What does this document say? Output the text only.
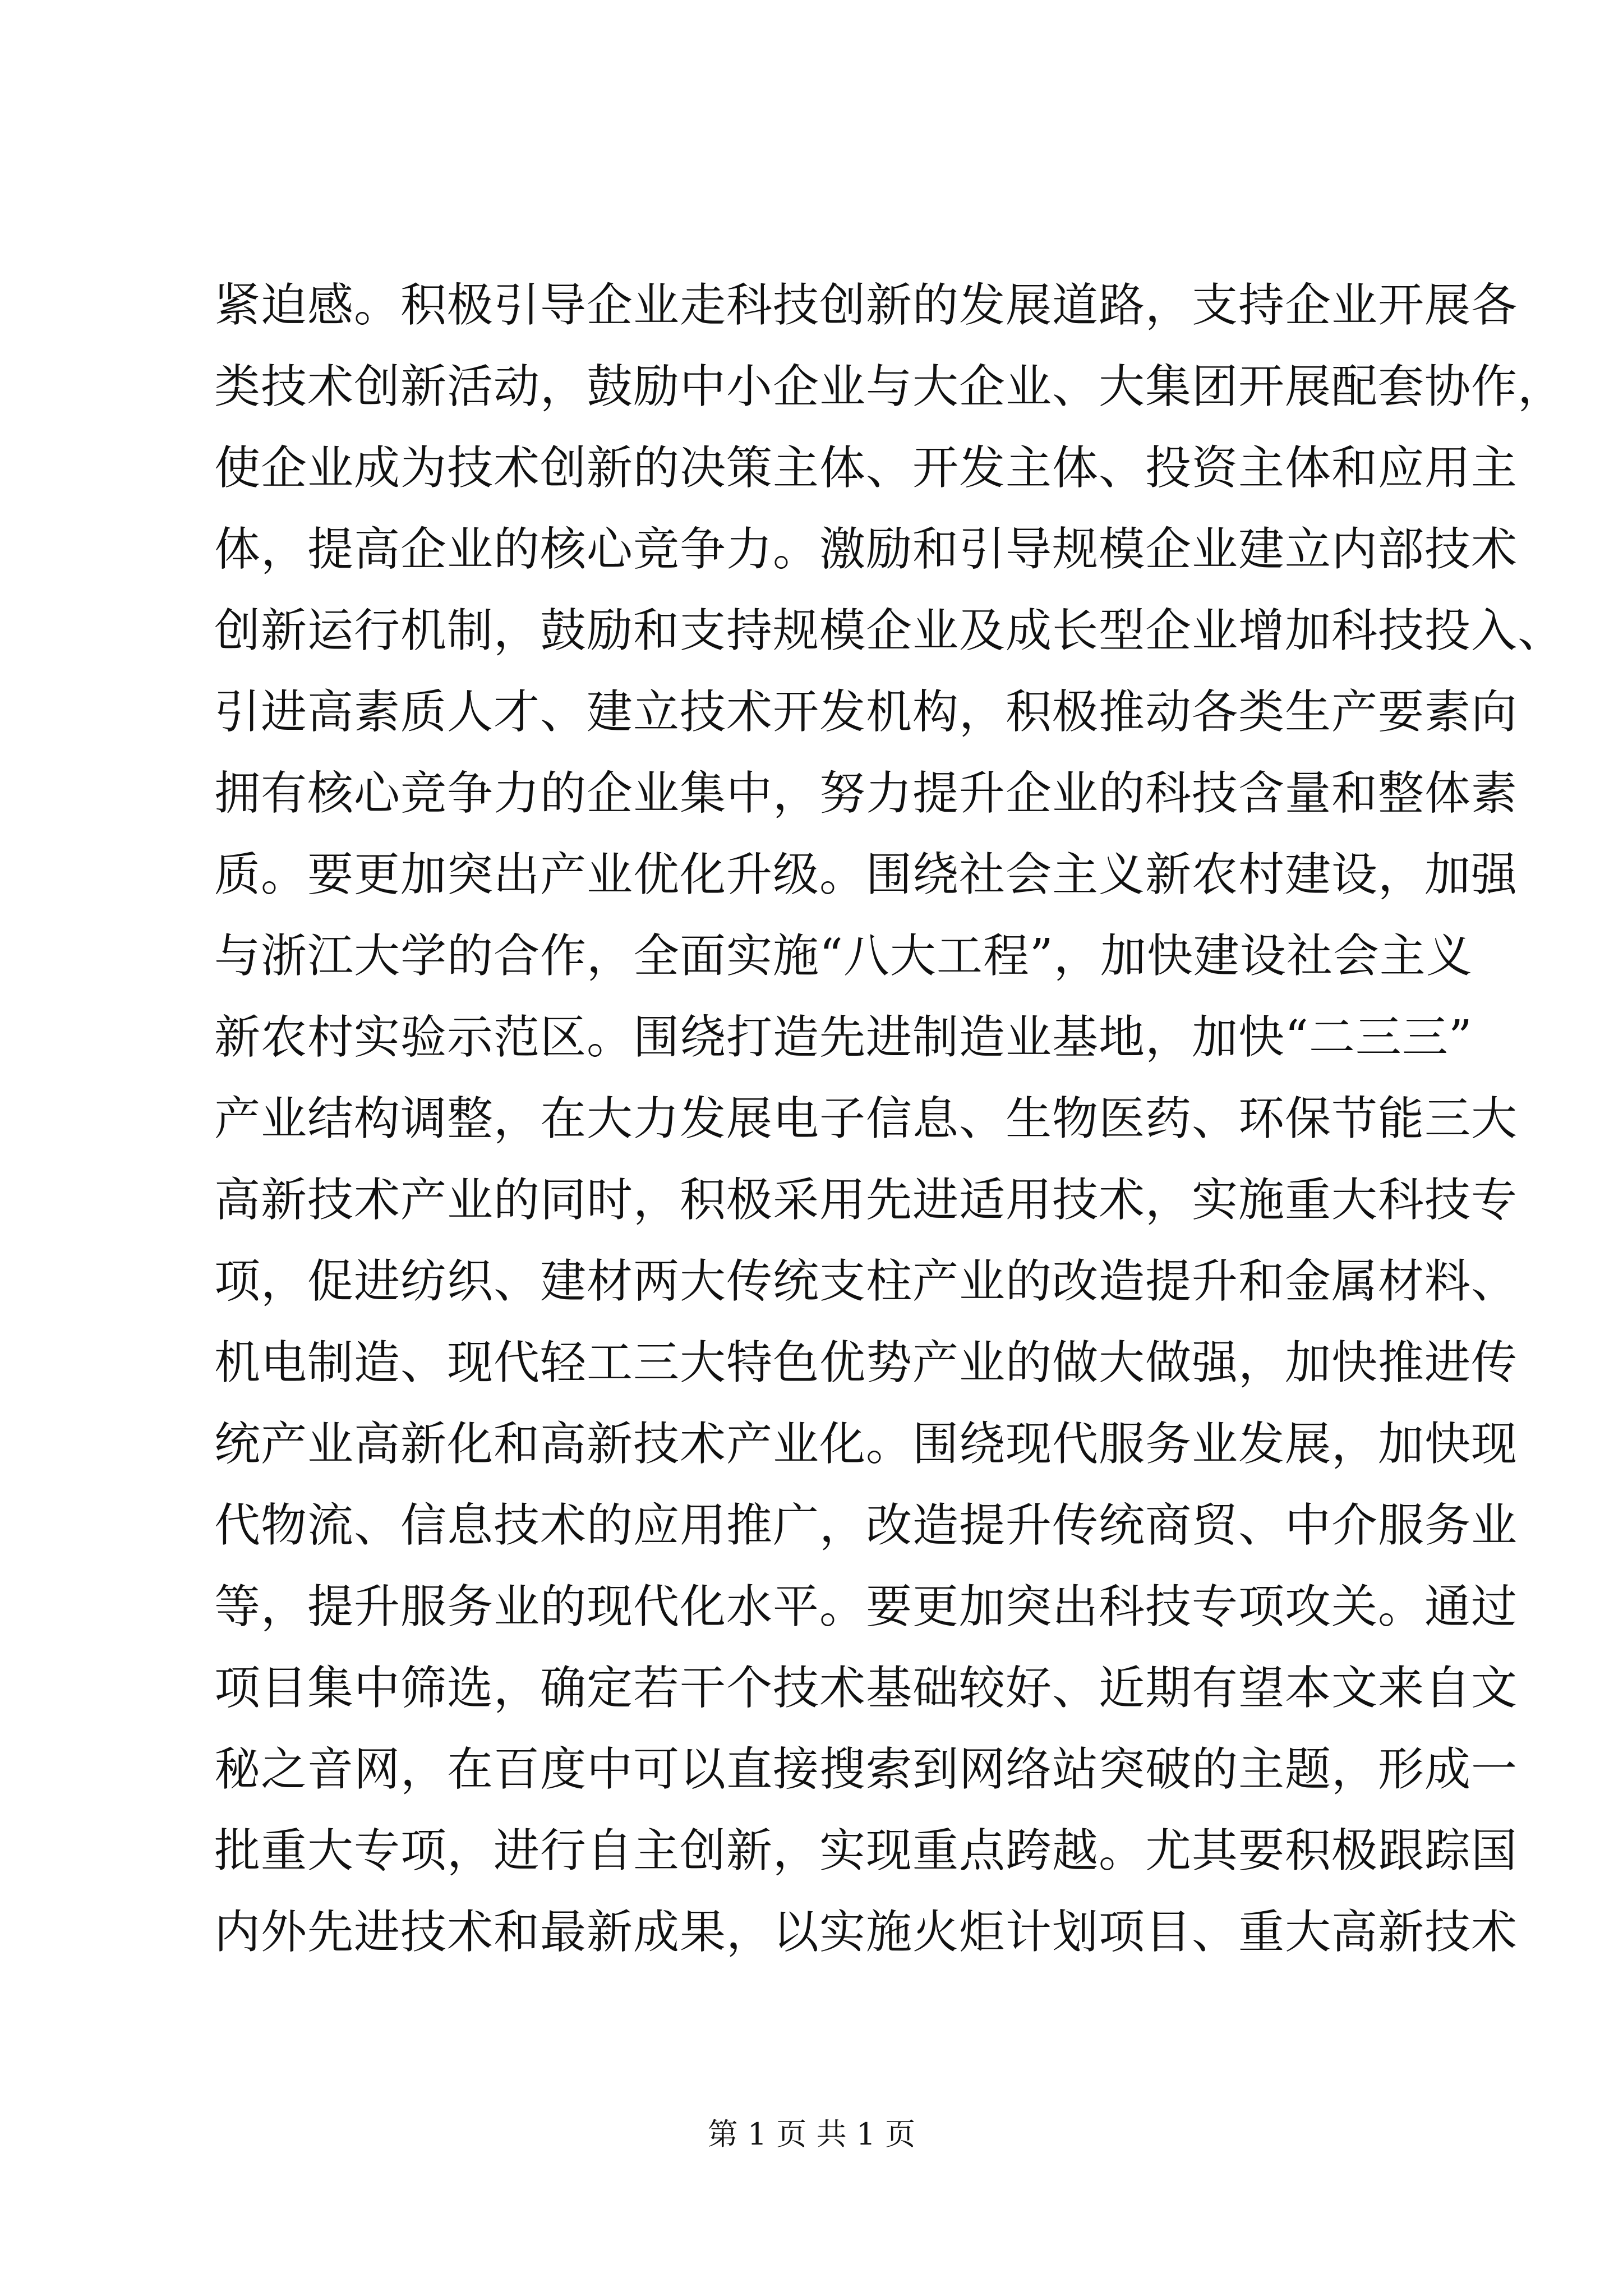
紧迫感。积极引导企业走科技创新的发展道路，支持企业开展各
类技术创新活动，鼓励中小企业与大企业、大集团开展配套协作，
使企业成为技术创新的决策主体、开发主体、投资主体和应用主
体，提高企业的核心竞争力。激励和引导规模企业建立内部技术
创新运行机制，鼓励和支持规模企业及成长型企业增加科技投入、
引进高素质人才、建立技术开发机构，积极推动各类生产要素向
拥有核心竞争力的企业集中，努力提升企业的科技含量和整体素
质。要更加突出产业优化升级。围绕社会主义新农村建设，加强
与浙江大学的合作，全面实施“八大工程”，加快建设社会主义
新农村实验示范区。围绕打造先进制造业基地，加快“二三三”
产业结构调整，在大力发展电子信息、生物医药、环保节能三大
高新技术产业的同时，积极采用先进适用技术，实施重大科技专
项，促进纺织、建材两大传统支柱产业的改造提升和金属材料、
机电制造、现代轻工三大特色优势产业的做大做强，加快推进传
统产业高新化和高新技术产业化。围绕现代服务业发展，加快现
代物流、信息技术的应用推广，改造提升传统商贸、中介服务业
等，提升服务业的现代化水平。要更加突出科技专项攻关。通过
项目集中筛选，确定若干个技术基础较好、近期有望本文来自文
秘之音网，在百度中可以直接搜索到网络站突破的主题，形成一
批重大专项，进行自主创新，实现重点跨越。尤其要积极跟踪国
内外先进技术和最新成果，以实施火炬计划项目、重大高新技术
第 1 页 共 1 页
